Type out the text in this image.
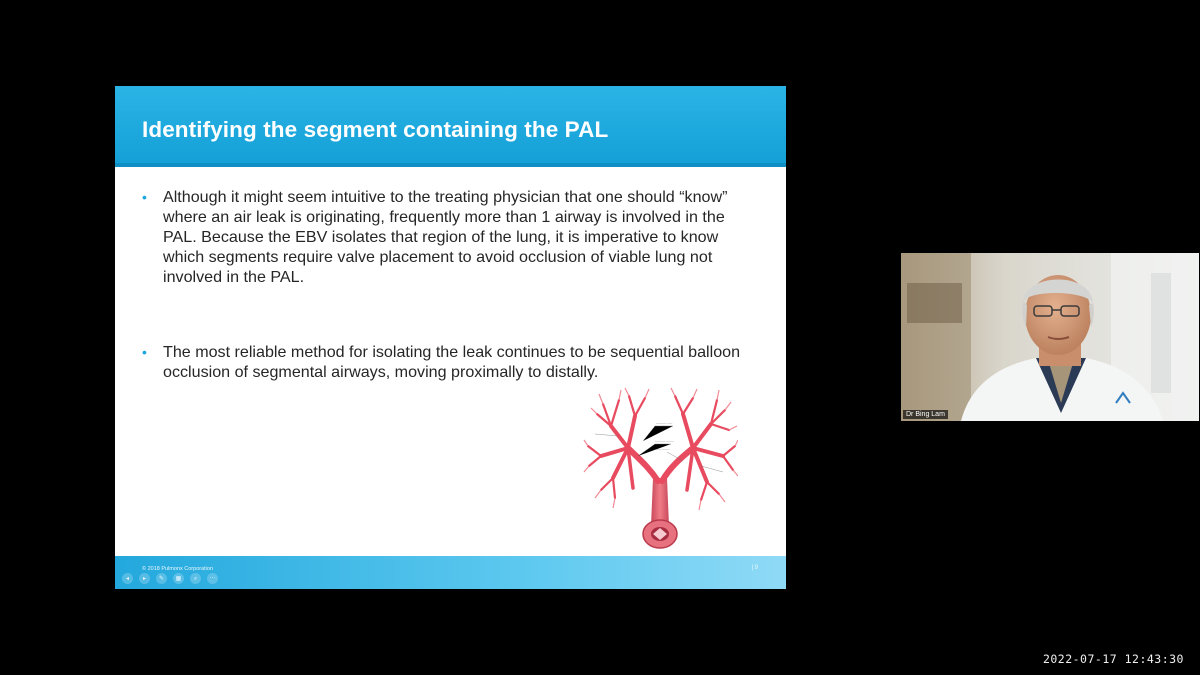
Identifying the segment containing the PAL
• Although it might seem intuitive to the treating physician that one should “know” where an air leak is originating, frequently more than 1 airway is involved in the PAL. Because the EBV isolates that region of the lung, it is imperative to know which segments require valve placement to avoid occlusion of viable lung not involved in the PAL.
• The most reliable method for isolating the leak continues to be sequential balloon occlusion of segmental airways, moving proximally to distally.
———— ——
———— ———
——— ———
◂	▸	✎	▦	⌕	···
© 2018 Pulmonx Corporation	| 9
Dr Bing Lam
2022-07-17 12:43:30
